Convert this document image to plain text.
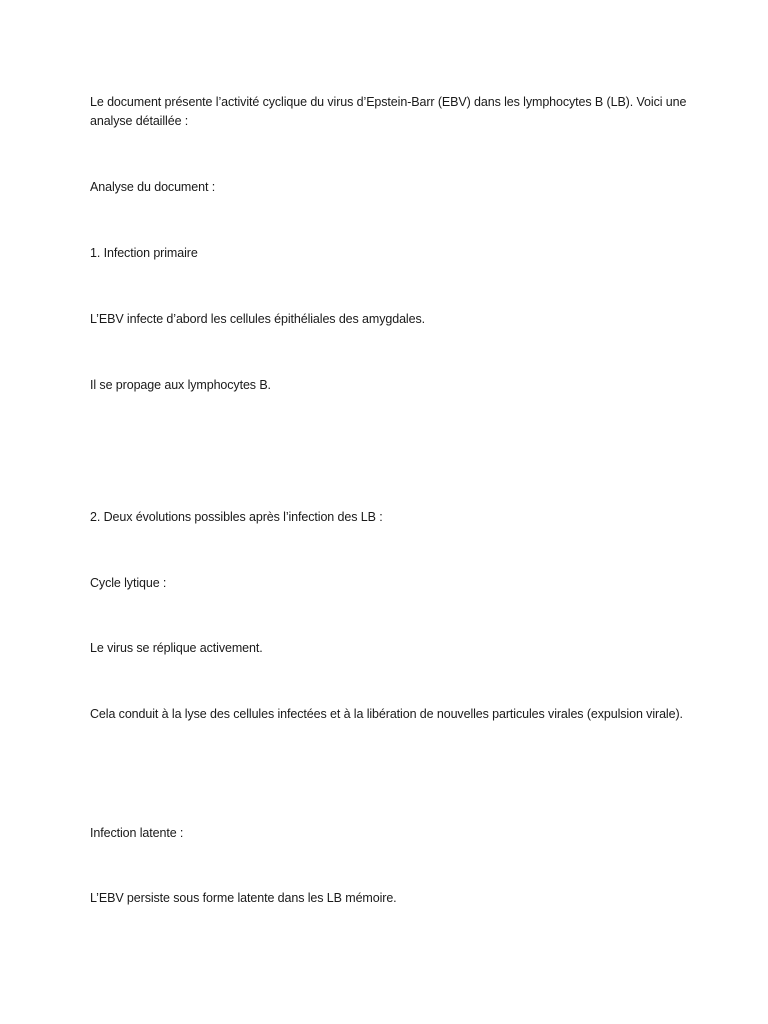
Le document présente l’activité cyclique du virus d’Epstein-Barr (EBV) dans les lymphocytes B (LB). Voici une analyse détaillée :

Analyse du document :

1. Infection primaire

L’EBV infecte d’abord les cellules épithéliales des amygdales.

Il se propage aux lymphocytes B.

2. Deux évolutions possibles après l’infection des LB :

Cycle lytique :

Le virus se réplique activement.

Cela conduit à la lyse des cellules infectées et à la libération de nouvelles particules virales (expulsion virale).

Infection latente :

L’EBV persiste sous forme latente dans les LB mémoire.
